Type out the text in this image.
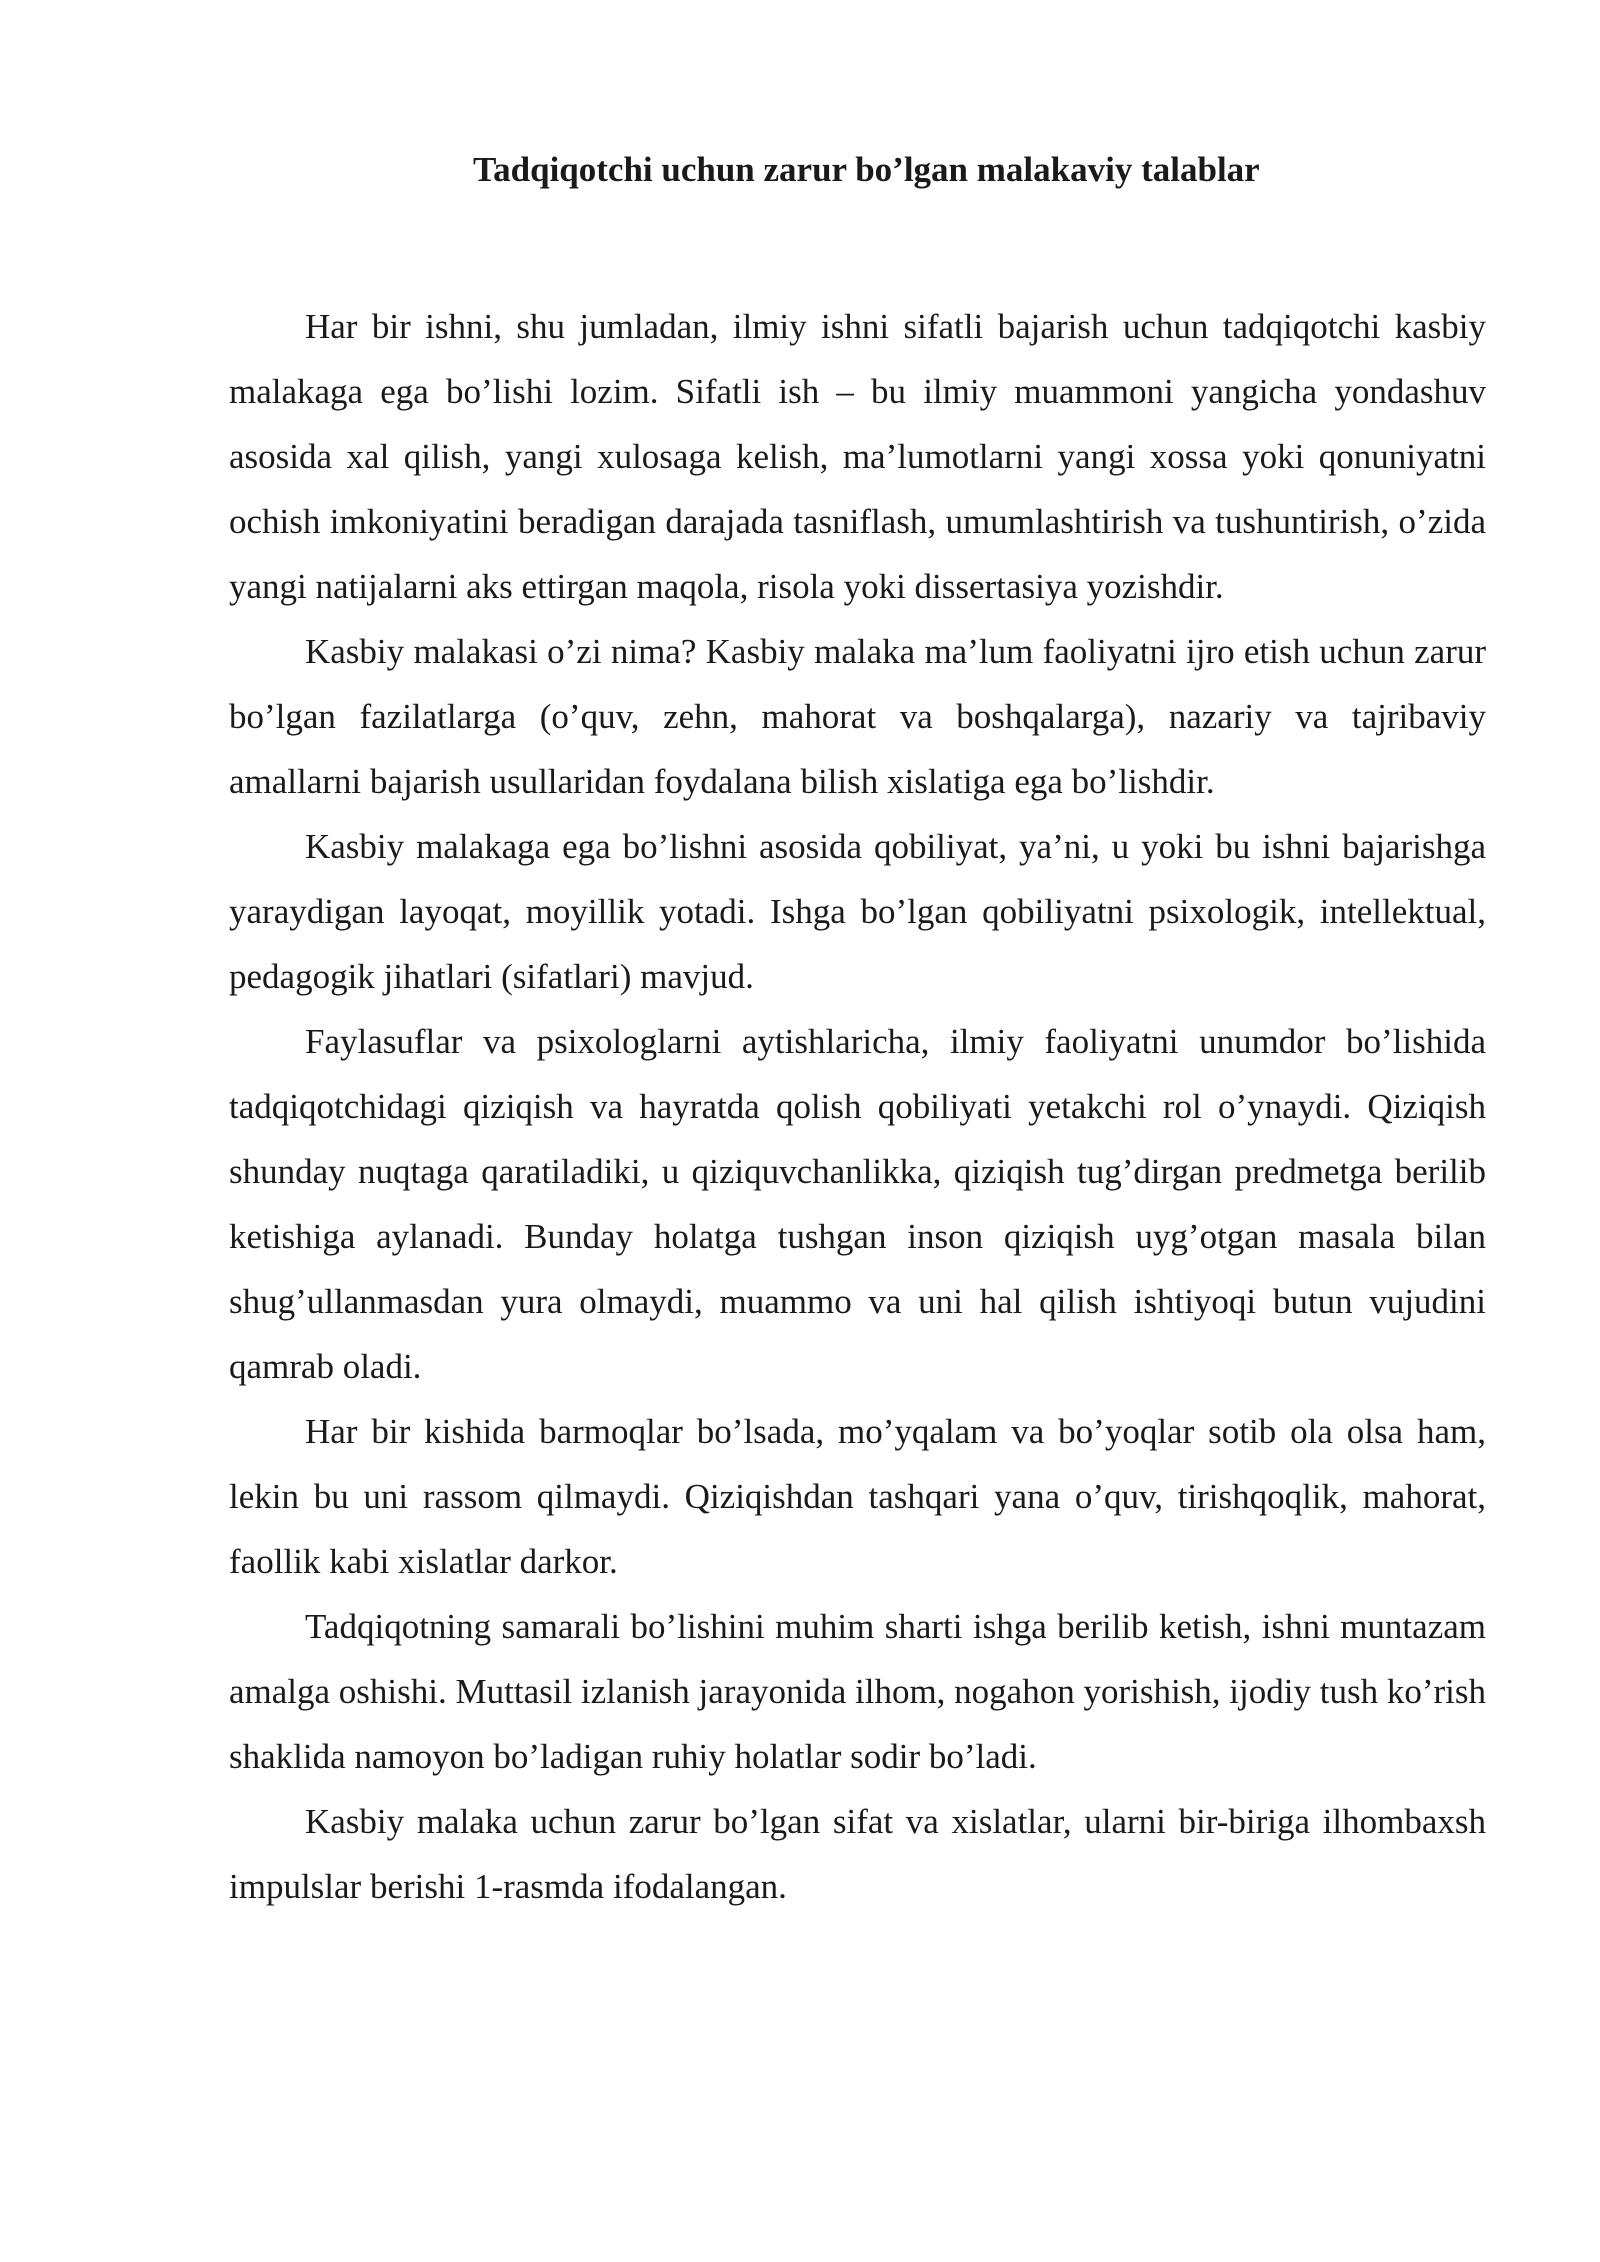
Tadqiqotchi uchun zarur bo’lgan malakaviy talablar

Har bir ishni, shu jumladan, ilmiy ishni sifatli bajarish uchun tadqiqotchi kasbiy malakaga ega bo’lishi lozim. Sifatli ish – bu ilmiy muammoni yangicha yondashuv asosida xal qilish, yangi xulosaga kelish, ma’lumotlarni yangi xossa yoki qonuniyatni ochish imkoniyatini beradigan darajada tasniflash, umumlashtirish va tushuntirish, o’zida yangi natijalarni aks ettirgan maqola, risola yoki dissertasiya yozishdir.

Kasbiy malakasi o’zi nima? Kasbiy malaka ma’lum faoliyatni ijro etish uchun zarur bo’lgan fazilatlarga (o’quv, zehn, mahorat va boshqalarga), nazariy va tajribaviy amallarni bajarish usullaridan foydalana bilish xislatiga ega bo’lishdir.

Kasbiy malakaga ega bo’lishni asosida qobiliyat, ya’ni, u yoki bu ishni bajarishga yaraydigan layoqat, moyillik yotadi. Ishga bo’lgan qobiliyatni psixologik, intellektual, pedagogik jihatlari (sifatlari) mavjud.

Faylasuflar va psixologlarni aytishlaricha, ilmiy faoliyatni unumdor bo’lishida tadqiqotchidagi qiziqish va hayratda qolish qobiliyati yetakchi rol o’ynaydi. Qiziqish shunday nuqtaga qaratiladiki, u qiziquvchanlikka, qiziqish tug’dirgan predmetga berilib ketishiga aylanadi. Bunday holatga tushgan inson qiziqish uyg’otgan masala bilan shug’ullanmasdan yura olmaydi, muammo va uni hal qilish ishtiyoqi butun vujudini qamrab oladi.

Har bir kishida barmoqlar bo’lsada, mo’yqalam va bo’yoqlar sotib ola olsa ham, lekin bu uni rassom qilmaydi. Qiziqishdan tashqari yana o’quv, tirishqoqlik, mahorat, faollik kabi xislatlar darkor.

Tadqiqotning samarali bo’lishini muhim sharti ishga berilib ketish, ishni muntazam amalga oshishi. Muttasil izlanish jarayonida ilhom, nogahon yorishish, ijodiy tush ko’rish shaklida namoyon bo’ladigan ruhiy holatlar sodir bo’ladi.

Kasbiy malaka uchun zarur bo’lgan sifat va xislatlar, ularni bir-biriga ilhombaxsh impulslar berishi 1-rasmda ifodalangan.
